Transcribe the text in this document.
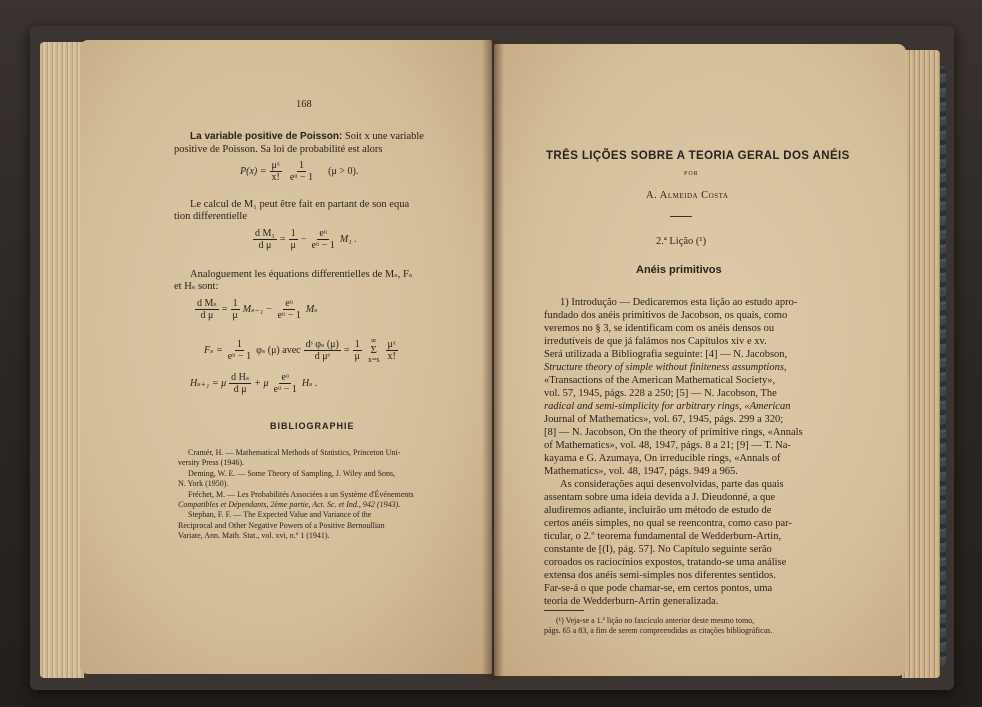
168
La variable positive de Poisson: Soit x une variable
positive de Poisson. Sa loi de probabilité est alors
$P(x) = \frac{\text{μˣ}}{x!} \frac{1}{\text{eᵘ − 1}} (\mu > 0)$.
Le calcul de M₁ peut être fait en partant de son equa
tion differentielle
$\frac{\text{d M₁}}{\text{d μ}} = \frac{1}{\mu} - \frac{\text{eᵘ}}{\text{eᵘ − 1}} M_1$ .
Analoguement les équations differentielles de Mₛ, Fₛ
et Hₛ sont:
$\frac{\text{d Mₛ}}{\text{d μ}} = \frac{1}{\mu} M_{s-1} - \frac{\text{eᵘ}}{\text{eᵘ − 1}}$ Mₛ
$F_s = \frac{1}{\text{eᵘ − 1}}$ φₛ (μ) avec $\frac{\text{dˢ φₛ (μ)}}{\text{d μˢ}} = \frac{1}{\mu}$ ∞
Σ
$x=s \frac{\text{μˣ}}{x!}$
Hₛ₊₁ = μ $\frac{\text{d Hₛ}}{\text{d μ}} + \mu \frac{\text{eᵘ}}{\text{eᵘ − 1}}$ Hₛ .
BIBLIOGRAPHIE
Cramér, H. — Mathematical Methods of Statistics, Princeton Uni-
versity Press (1946).
Deming, W. E. — Some Theory of Sampling, J. Wiley and Sons,
N. York (1950).
Fréchet, M. — Les Probabilités Associées a un Système d'Événements
Compatibles et Dépendants, 2ème partie, Act. Sc. et Ind., 942 (1943).
Stephan, F. F. — The Expected Value and Variance of the
Reciprocal and Other Negative Powers of a Positive Bernoullian
Variate, Ann. Math. Stat., vol. xvi, n.º 1 (1941).
TRÊS LIÇÕES SOBRE A TEORIA GERAL DOS ANÉIS
POR
A. Almeida Costa
2.ª Lição (¹)
Anéis primitivos
1) Introdução — Dedicaremos esta lição ao estudo apro-
fundado dos anéis primitivos de Jacobson, os quais, como
veremos no § 3, se identificam com os anéis densos ou
irredutíveis de que já falámos nos Capítulos xiv e xv.
Será utilizada a Bibliografia seguinte: [4] — N. Jacobson,
Structure theory of simple without finiteness assumptions,
«Transactions of the American Mathematical Society»,
vol. 57, 1945, págs. 228 a 250; [5] — N. Jacobson, The
radical and semi-simplicity for arbitrary rings, «American
Journal of Mathematics», vol. 67, 1945, págs. 299 a 320;
[8] — N. Jacobson, On the theory of primitive rings, «Annals
of Mathematics», vol. 48, 1947, págs. 8 a 21; [9] — T. Na-
kayama e G. Azumaya, On irreducible rings, «Annals of
Mathematics», vol. 48, 1947, págs. 949 a 965.
As considerações aqui desenvolvidas, parte das quais
assentam sobre uma ideia devida a J. Dieudonné, a que
aludiremos adiante, incluirão um método de estudo de
certos anéis simples, no qual se reencontra, como caso par-
ticular, o 2.º teorema fundamental de Wedderburn-Artin,
constante de [(I), pág. 57]. No Capítulo seguinte serão
coroados os raciocínios expostos, tratando-se uma análise
extensa dos anéis semi-simples nos diferentes sentidos.
Far-se-á o que pode chamar-se, em certos pontos, uma
teoria de Wedderburn-Artin generalizada.
(¹) Veja-se a 1.ª lição no fascículo anterior deste mesmo tomo,
págs. 65 a 83, a fim de serem compreendidas as citações bibliográficas.
